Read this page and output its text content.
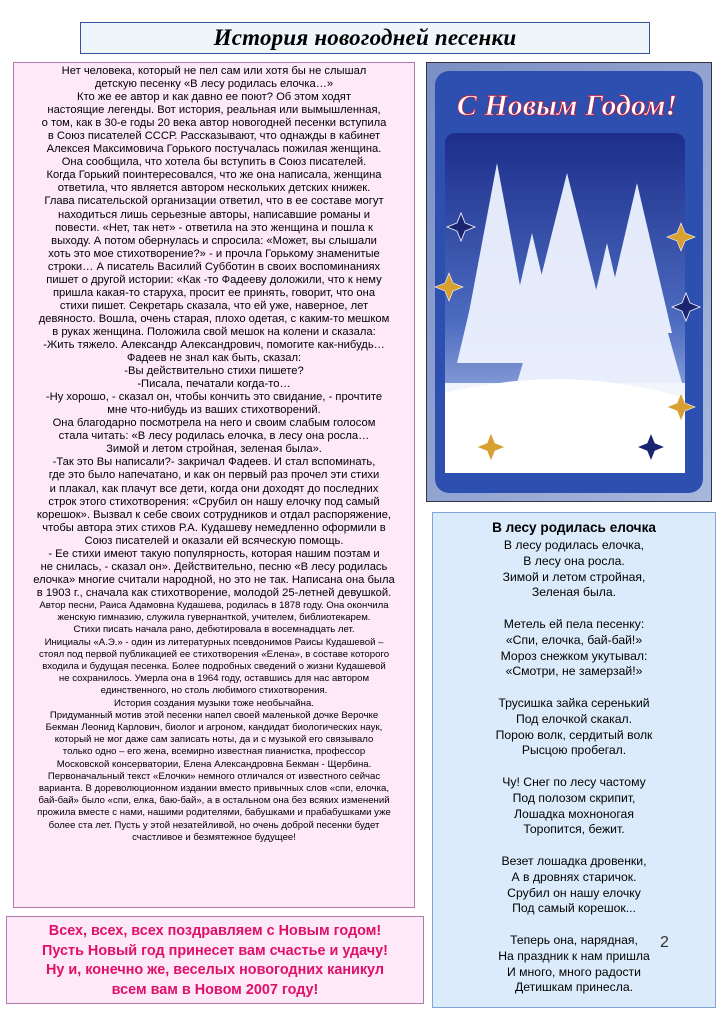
История новогодней песенки
Нет человека, который не пел сам или хотя бы не слышал
детскую песенку «В лесу родилась елочка…»
Кто же ее автор и как давно ее поют? Об этом ходят
настоящие легенды. Вот история, реальная или вымышленная,
о том, как в 30-е годы 20 века автор новогодней песенки вступила
в Союз писателей СССР. Рассказывают, что однажды в кабинет
Алексея Максимовича Горького постучалась пожилая женщина.
Она сообщила, что хотела бы вступить в Союз писателей.
Когда Горький поинтересовался, что же она написала, женщина
ответила, что является автором нескольких детских книжек.
Глава писательской организации ответил, что в ее составе могут
находиться лишь серьезные авторы, написавшие романы и
повести. «Нет, так нет» - ответила на это женщина и пошла к
выходу. А потом обернулась и спросила: «Может, вы слышали
хоть это мое стихотворение?» - и прочла Горькому знаменитые
строки… А писатель Василий Субботин в своих воспоминаниях
пишет о другой истории: «Как -то Фадееву доложили, что к нему
пришла какая-то старуха, просит ее принять, говорит, что она
стихи пишет. Секретарь сказала, что ей уже, наверное, лет
девяносто. Вошла, очень старая, плохо одетая, с каким-то мешком
в руках женщина. Положила свой мешок на колени и сказала:
-Жить тяжело. Александр Александрович, помогите как-нибудь…
Фадеев не знал как быть, сказал:
-Вы действительно стихи пишете?
-Писала, печатали когда-то…
-Ну хорошо, - сказал он, чтобы кончить это свидание, - прочтите
мне что-нибудь из ваших стихотворений.
Она благодарно посмотрела на него и своим слабым голосом
стала читать: «В лесу родилась елочка, в лесу она росла…
Зимой и летом стройная, зеленая была».
-Так это Вы написали?- закричал Фадеев. И стал вспоминать,
где это было напечатано, и как он первый раз прочел эти стихи
и плакал, как плачут все дети, когда они доходят до последних
строк этого стихотворения: «Срубил он нашу елочку под самый
корешок». Вызвал к себе своих сотрудников и отдал распоряжение,
чтобы автора этих стихов Р.А. Кудашеву немедленно оформили в
Союз писателей и оказали ей всяческую помощь.
- Ее стихи имеют такую популярность, которая нашим поэтам и
не снилась, - сказал он». Действительно, песню «В лесу родилась
елочка» многие считали народной, но это не так. Написана она была
в 1903 г., сначала как стихотворение, молодой 25-летней девушкой.
Автор песни, Раиса Адамовна Кудашева, родилась в 1878 году. Она окончила
женскую гимназию, служила гувернанткой, учителем, библиотекарем.
Стихи писать начала рано, дебютировала в восемнадцать лет.
Инициалы «А.Э.» - один из литературных псевдонимов Раисы Кудашевой –
стоял под первой публикацией ее стихотворения «Елена», в составе которого
входила и будущая песенка. Более подробных сведений о жизни Кудашевой
не сохранилось. Умерла она в 1964 году, оставшись для нас автором
единственного, но столь любимого стихотворения.
История создания музыки тоже необычайна.
Придуманный мотив этой песенки напел своей маленькой дочке Верочке
Бекман Леонид Карлович, биолог и агроном, кандидат биологических наук,
который не мог даже сам записать ноты, да и с музыкой его связывало
только одно – его жена, всемирно известная пианистка, профессор
Московской консерватории, Елена Александровна Бекман - Щербина.
Первоначальный текст «Елочки» немного отличался от известного сейчас
варианта. В дореволюционном издании вместо привычных слов «спи, елочка,
бай-бай» было «спи, елка, баю-бай», а в остальном она без всяких изменений
прожила вместе с нами, нашими родителями, бабушками и прабабушками уже
более ста лет. Пусть у этой незатейливой, но очень доброй песенки будет
счастливое и безмятежное будущее!
С Новым Годом!
В лесу родилась елочка
В лесу родилась елочка,
В лесу она росла.
Зимой и летом стройная,
Зеленая была.
Метель ей пела песенку:
«Спи, елочка, бай-бай!»
Мороз снежком укутывал:
«Смотри, не замерзай!»
Трусишка зайка серенький
Под елочкой скакал.
Порою волк, сердитый волк
Рысцою пробегал.
Чу! Снег по лесу частому
Под полозом скрипит,
Лошадка мохноногая
Торопится, бежит.
Везет лошадка дровенки,
А в дровнях старичок.
Срубил он нашу елочку
Под самый корешок...
Теперь она, нарядная,
На праздник к нам пришла
И много, много радости
Детишкам принесла.
Всех, всех, всех поздравляем с Новым годом!
Пусть Новый год принесет вам счастье и удачу!
Ну и, конечно же, веселых новогодних каникул
всем вам в Новом 2007 году!
2
